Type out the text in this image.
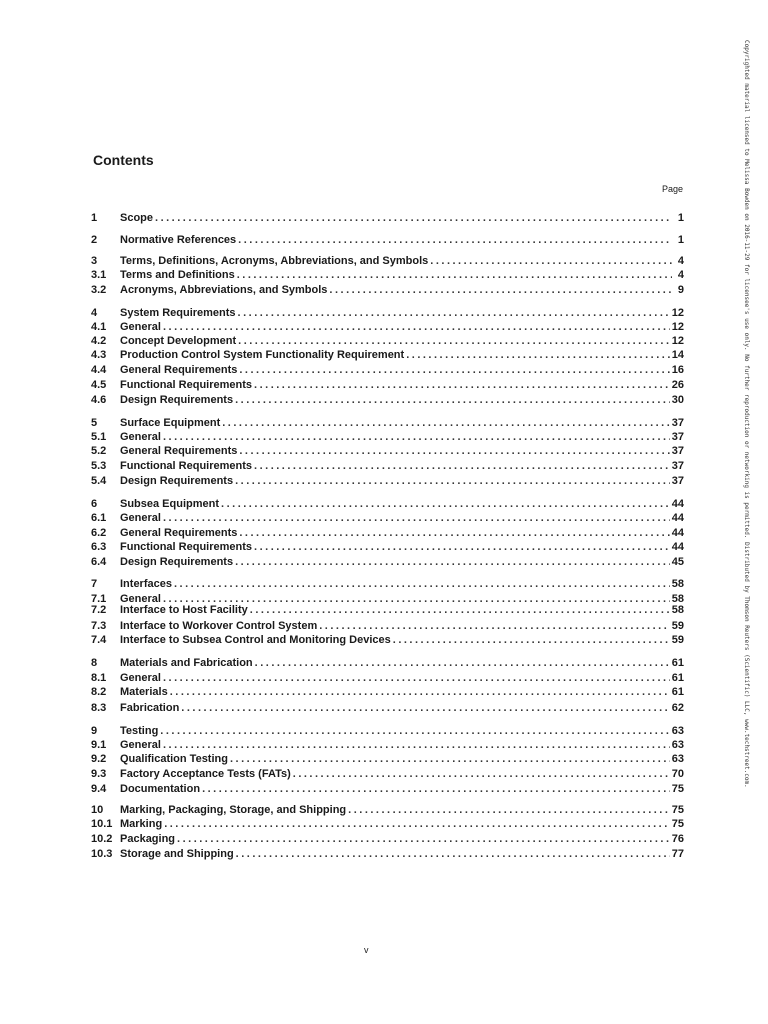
Contents
Page
1	Scope .....	1
2	Normative References .....	1
3	Terms, Definitions, Acronyms, Abbreviations, and Symbols .....	4
3.1	Terms and Definitions .....	4
3.2	Acronyms, Abbreviations, and Symbols .....	9
4	System Requirements .....	12
4.1	General .....	12
4.2	Concept Development .....	12
4.3	Production Control System Functionality Requirement .....	14
4.4	General Requirements .....	16
4.5	Functional Requirements .....	26
4.6	Design Requirements .....	30
5	Surface Equipment .....	37
5.1	General .....	37
5.2	General Requirements .....	37
5.3	Functional Requirements .....	37
5.4	Design Requirements .....	37
6	Subsea Equipment .....	44
6.1	General .....	44
6.2	General Requirements .....	44
6.3	Functional Requirements .....	44
6.4	Design Requirements .....	45
7	Interfaces .....	58
7.1	General .....	58
7.2	Interface to Host Facility .....	58
7.3	Interface to Workover Control System .....	59
7.4	Interface to Subsea Control and Monitoring Devices .....	59
8	Materials and Fabrication .....	61
8.1	General .....	61
8.2	Materials .....	61
8.3	Fabrication .....	62
9	Testing .....	63
9.1	General .....	63
9.2	Qualification Testing .....	63
9.3	Factory Acceptance Tests (FATs) .....	70
9.4	Documentation .....	75
10	Marking, Packaging, Storage, and Shipping .....	75
10.1 Marking .....	75
10.2 Packaging .....	76
10.3 Storage and Shipping .....	77
Copyrighted material licensed to Melissa Bowden on 2016-11-29 for licensee's use only. No further reproduction or networking is permitted. Distributed by Thomson Reuters (Scientific) LLC, www.techstreet.com.
v
